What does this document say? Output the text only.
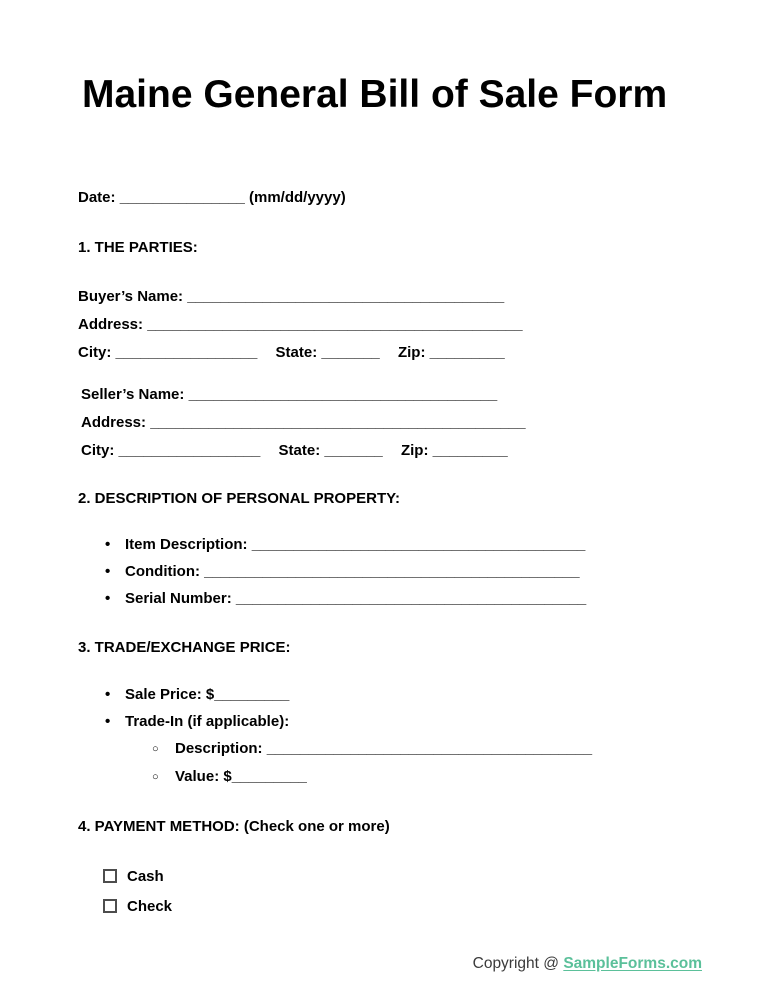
Maine General Bill of Sale Form
Date: _______________ (mm/dd/yyyy)
1. THE PARTIES:
Buyer’s Name: ______________________________________
Address: _____________________________________________
City: _________________ State: _______ Zip: _________
Seller’s Name: _____________________________________
Address: _____________________________________________
City: _________________ State: _______ Zip: _________
2. DESCRIPTION OF PERSONAL PROPERTY:
• Item Description: ________________________________________
• Condition: _____________________________________________
• Serial Number: __________________________________________
3. TRADE/EXCHANGE PRICE:
• Sale Price: $_________
• Trade-In (if applicable):
○ Description: _______________________________________
○ Value: $_________
4. PAYMENT METHOD: (Check one or more)
Cash
Check
Copyright @ SampleForms.com
